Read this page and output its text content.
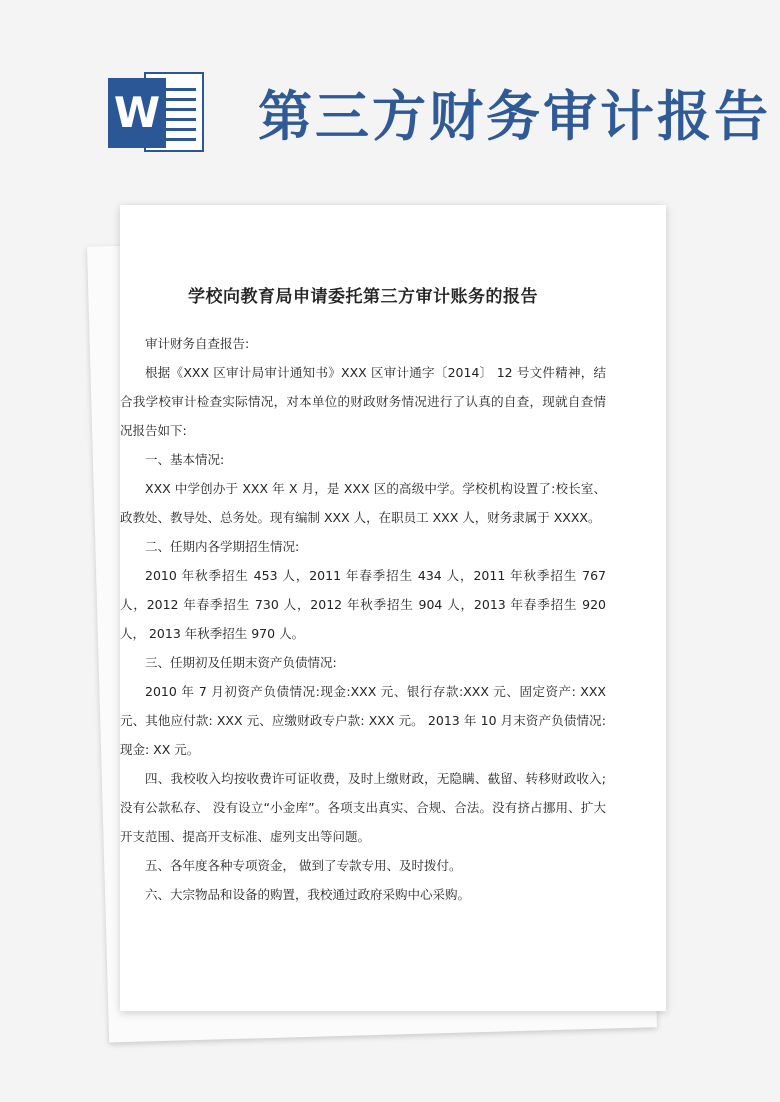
W 第三方财务审计报告
学校向教育局申请委托第三方审计账务的报告

审计财务自查报告:

根据《XXX 区审计局审计通知书》XXX 区审计通字〔2014〕 12 号文件精神，结合我学校审计检查实际情况，对本单位的财政财务情况进行了认真的自查，现就自查情况报告如下:

一、基本情况:

XXX 中学创办于 XXX 年 X 月，是 XXX 区的高级中学。学校机构设置了:校长室、政教处、教导处、总务处。现有编制 XXX 人，在职员工 XXX 人，财务隶属于 XXXX。

二、任期内各学期招生情况:

2010 年秋季招生 453 人，2011 年春季招生 434 人，2011 年秋季招生 767 人，2012 年春季招生 730 人，2012 年秋季招生 904 人，2013 年春季招生 920 人， 2013 年秋季招生 970 人。

三、任期初及任期末资产负债情况:

2010 年 7 月初资产负债情况:现金:XXX 元、银行存款:XXX 元、固定资产: XXX 元、其他应付款: XXX 元、应缴财政专户款: XXX 元。 2013 年 10 月末资产负债情况:现金: XX 元。

四、我校收入均按收费许可证收费，及时上缴财政，无隐瞒、截留、转移财政收入;没有公款私存、 没有设立“小金库”。各项支出真实、合规、合法。没有挤占挪用、扩大开支范围、提高开支标准、虚列支出等问题。

五、各年度各种专项资金， 做到了专款专用、及时拨付。

六、大宗物品和设备的购置，我校通过政府采购中心采购。
